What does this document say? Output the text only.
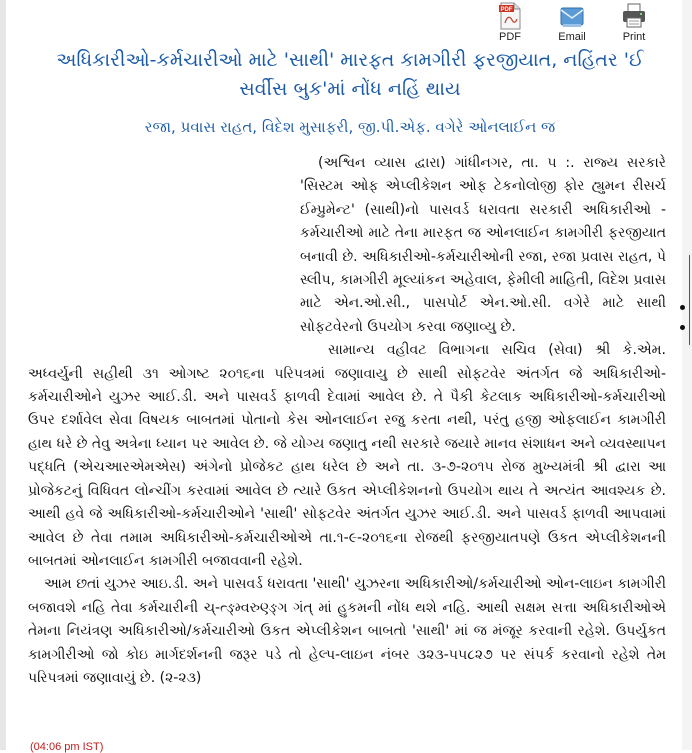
PDF
PDF	Email	Print
અધિકારીઓ-કર્મચારીઓ માટે 'સાથી' મારફત કામગીરી ફરજીયાત, નહિંતર 'ઈ સર્વીસ બુક'માં નોંધ નહિં થાય
રજા, પ્રવાસ રાહત, વિદેશ મુસાફરી, જી.પી.એફ. વગેરે ઓનલાઈન જ

(અશ્વિન વ્યાસ દ્વારા) ગાંધીનગર, તા. ૫ :. રાજ્ય સરકારે 'સિસ્ટમ ઓફ એપ્લીકેશન ઓફ ટેકનોલોજી ફોર હ્યુમન રીસર્ચ ઈમ્પ્રુમેન્ટ' (સાથી)નો પાસવર્ડ ધરાવતા સરકારી અધિકારીઓ - કર્મચારીઓ માટે તેના મારફત જ ઓનલાઈન કામગીરી ફરજીયાત બનાવી છે. અધિકારીઓ-કર્મચારીઓની રજા, રજા પ્રવાસ રાહત, પે સ્લીપ, કામગીરી મૂલ્યાંકન અહેવાલ, ફેમીલી માહિતી, વિદેશ પ્રવાસ માટે એન.ઓ.સી., પાસપોર્ટ એન.ઓ.સી. વગેરે માટે સાથી સોફટવેરનો ઉપયોગ કરવા જણાવ્યુ છે.

સામાન્ય વહીવટ વિભાગના સચિવ (સેવા) શ્રી કે.એમ. અધ્વર્યુની સહીથી ૩૧ ઓગષ્ટ ૨૦૧૬ના પરિપત્રમાં જણાવાયુ છે સાથી સોફટવેર અંતર્ગત જે અધિકારીઓ-કર્મચારીઓને યુઝર આઈ.ડી. અને પાસવર્ડ ફાળવી દેવામાં આવેલ છે. તે પૈકી કેટલાક અધિકારીઓ-કર્મચારીઓ ઉપર દર્શાવેલ સેવા વિષયક બાબતમાં પોતાનો કેસ ઓનલાઈન રજુ કરતા નથી, પરંતુ હજી ઓફલાઈન કામગીરી હાથ ધરે છે તેવુ અત્રેના ધ્યાન પર આવેલ છે. જે યોગ્ય જણાતુ નથી સરકારે જયારે માનવ સંશાધન અને વ્યવસ્થાપન પદ્ધતિ (એચઆરએમએસ) અંગેનો પ્રોજેકટ હાથ ધરેલ છે અને તા. ૩-૭-૨૦૧૫ રોજ મુખ્યમંત્રી શ્રી દ્વારા આ પ્રોજેકટનું વિધિવત લોન્ચીંગ કરવામાં આવેલ છે ત્યારે ઉકત એપ્લીકેશનનો ઉપયોગ થાય તે અત્યંત આવશ્યક છે. આથી હવે જે અધિકારીઓ-કર્મચારીઓને 'સાથી' સોફટવેર અંતર્ગત યુઝર આઈ.ડી. અને પાસવર્ડ ફાળવી આપવામાં આવેલ છે તેવા તમામ અધિકારીઓ-કર્મચારીઓએ તા.૧-૯-૨૦૧૬ના રોજથી ફરજીયાતપણે ઉકત એપ્લીકેશનની બાબતમાં ઓનલાઈન કામગીરી બજાવવાની રહેશે.

આમ છતાં યુઝર આઇ.ડી. અને પાસવર્ડ ધરાવતા 'સાથી' યુઝરના અધિકારીઓ/કર્મચારીઓ ઓન-લાઇન કામગીરી બજાવશે નહિ તેવા કર્મચારીની ચ્-ત્ઙ્મ્વરુણ્ઙ્ગ ગંત્ માં હુકમની નોંધ થશે નહિ. આથી સક્ષમ સત્તા અધિકારીઓએ તેમના નિયંત્રણ અધિકારીઓ/કર્મચારીઓ ઉકત એપ્લીકેશન બાબતો 'સાથી' માં જ મંજૂર કરવાની રહેશે. ઉપર્યુકત કામગીરીઓ જો કોઇ માર્ગદર્શનની જરૂર પડે તો હેલ્પ-લાઇન નંબર ૩૨૩-૫૫૮૨૭ પર સંપર્ક કરવાનો રહેશે તેમ પરિપત્રમાં જણાવાયું છે. (૨-૨૩)

(04:06 pm IST)
